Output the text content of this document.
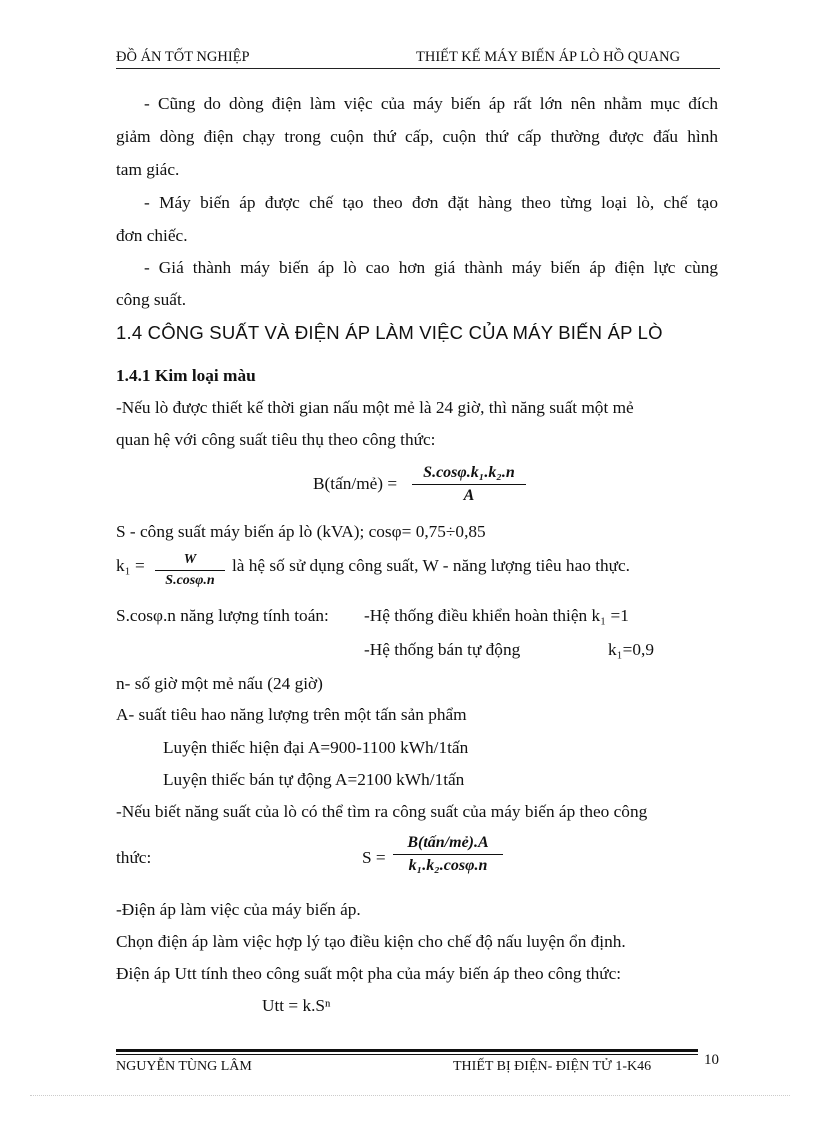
ĐỒ ÁN TỐT NGHIỆP	THIẾT KẾ MÁY BIẾN ÁP LÒ HỒ QUANG
- Cũng do dòng điện làm việc của máy biến áp rất lớn nên nhằm mục đích
giảm dòng điện chạy trong cuộn thứ cấp, cuộn thứ cấp thường được đấu hình
tam giác.
- Máy biến áp được chế tạo theo đơn đặt hàng theo từng loại lò, chế tạo
đơn chiếc.
- Giá thành máy biến áp lò cao hơn giá thành máy biến áp điện lực cùng
công suất.
1.4 CÔNG SUẤT VÀ ĐIỆN ÁP LÀM VIỆC CỦA MÁY BIẾN ÁP LÒ
1.4.1 Kim loại màu
-Nếu lò được thiết kế thời gian nấu một mẻ là 24 giờ, thì năng suất một mẻ
quan hệ với công suất tiêu thụ theo công thức:
B(tấn/mẻ) =
S.cosφ.k₁.k₂.n
A
S - công suất máy biến áp lò (kVA); cosφ= 0,75÷0,85
k₁ =	W
S.cosφ.n
là hệ số sử dụng công suất, W - năng lượng tiêu hao thực.
S.cosφ.n năng lượng tính toán: -Hệ thống điều khiển hoàn thiện k₁ =1
-Hệ thống bán tự động	k₁=0,9
n- số giờ một mẻ nấu (24 giờ)
A- suất tiêu hao năng lượng trên một tấn sản phẩm
Luyện thiếc hiện đại A=900-1100 kWh/1tấn
Luyện thiếc bán tự động A=2100 kWh/1tấn
-Nếu biết năng suất của lò có thể tìm ra công suất của máy biến áp theo công
thức:	S =
B(tấn/mẻ).A
k₁.k₂.cosφ.n
-Điện áp làm việc của máy biến áp.
Chọn điện áp làm việc hợp lý tạo điều kiện cho chế độ nấu luyện ổn định.
Điện áp Utt tính theo công suất một pha của máy biến áp theo công thức:
Utt = k.Sⁿ
NGUYỄN TÙNG LÂM	THIẾT BỊ ĐIỆN- ĐIỆN TỬ 1-K46	10
